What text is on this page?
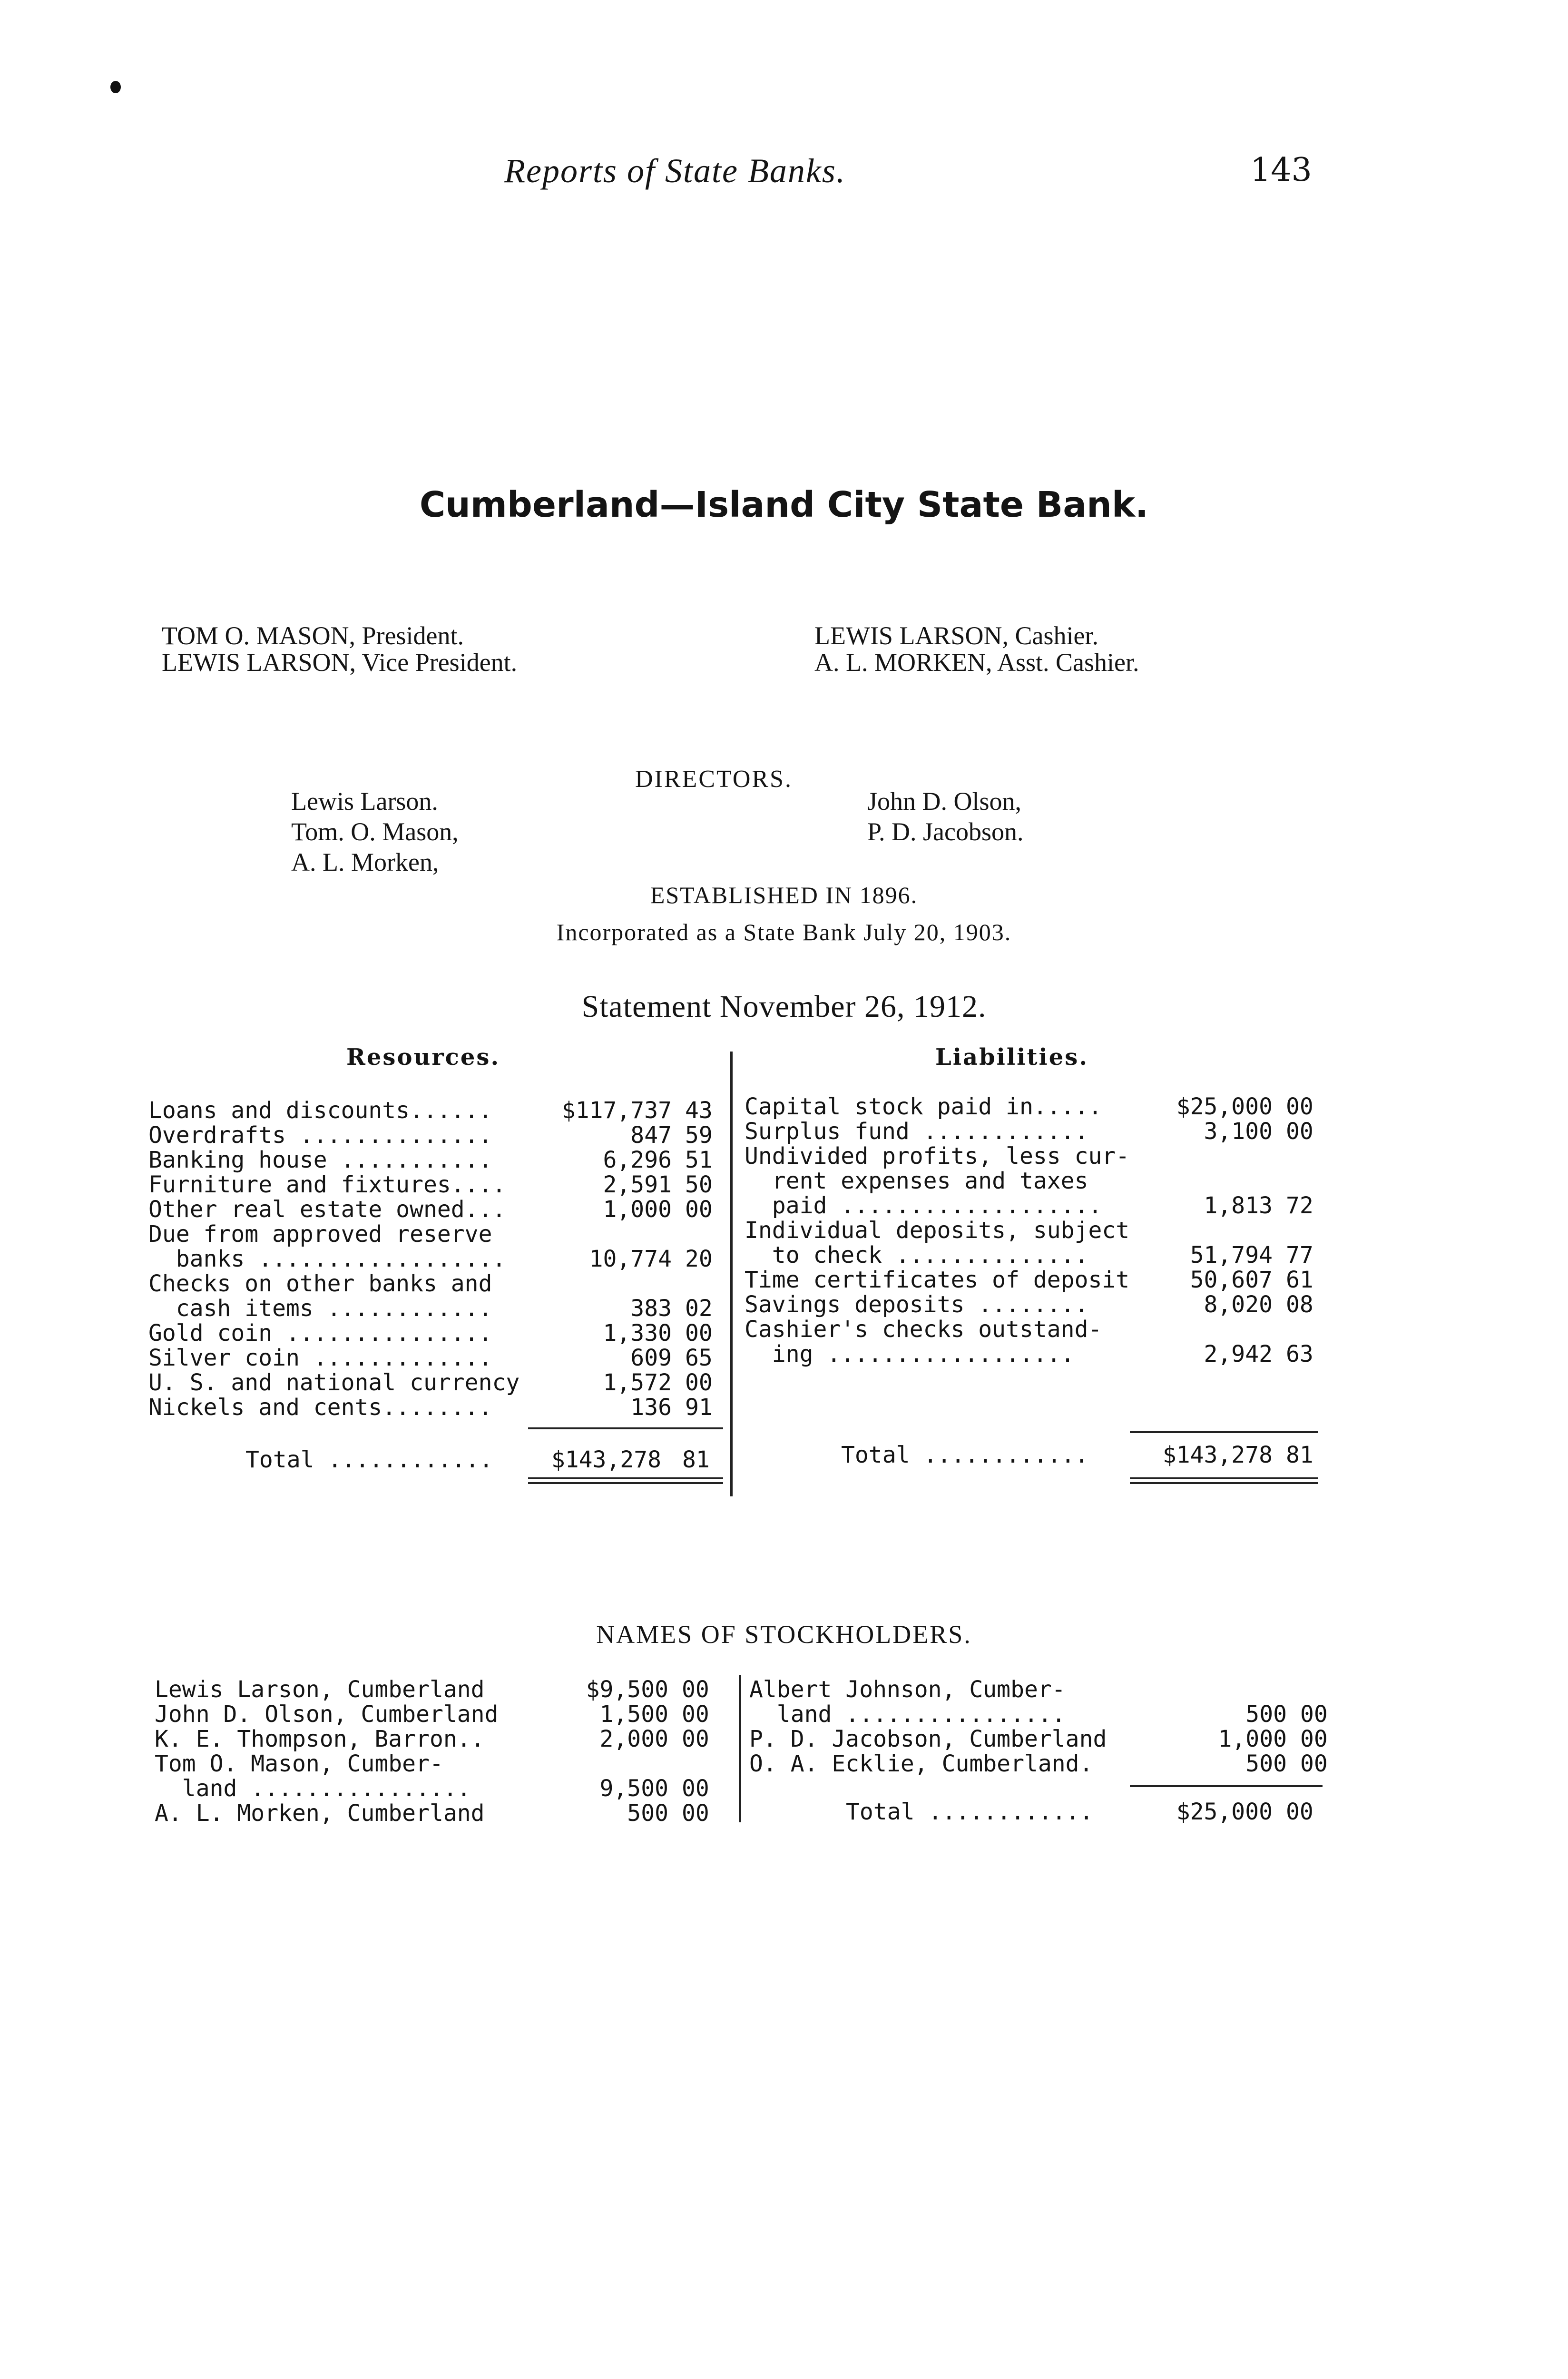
Reports of State Banks.	143
Cumberland—Island City State Bank.
TOM O. MASON, President.
LEWIS LARSON, Vice President.
LEWIS LARSON, Cashier.
A. L. MORKEN, Asst. Cashier.
DIRECTORS.
Lewis Larson.
Tom. O. Mason,
A. L. Morken,
John D. Olson,
P. D. Jacobson.
ESTABLISHED IN 1896.
Incorporated as a State Bank July 20, 1903.
Statement November 26, 1912.
Resources.	Liabilities.
Loans and discounts......	$117,737	43
Overdrafts ..............	847	59
Banking house ...........	6,296	51
Furniture and fixtures....	2,591	50
Other real estate owned...	1,000	00
Due from approved reserve		
banks ..................	10,774	20
Checks on other banks and		
cash items ............	383	02
Gold coin ...............	1,330	00
Silver coin .............	609	65
U. S. and national currency	1,572	00
Nickels and cents........	136	91
Total ............	$143,278 81
Capital stock paid in.....	$25,000	00
Surplus fund ............	3,100	00
Undivided profits, less cur-		
rent expenses and taxes		
paid ...................	1,813	72
Individual deposits, subject		
to check ..............	51,794	77
Time certificates of deposit	50,607	61
Savings deposits ........	8,020	08
Cashier's checks outstand-		
ing ..................	2,942	63
Total ............	$143,278 81
NAMES OF STOCKHOLDERS.
Lewis Larson, Cumberland	$9,500	00
John D. Olson, Cumberland	1,500	00
K. E. Thompson, Barron..	2,000	00
Tom O. Mason, Cumber-		
land ................	9,500	00
A. L. Morken, Cumberland	500	00
Albert Johnson, Cumber-		
land ................	500	00
P. D. Jacobson, Cumberland	1,000	00
O. A. Ecklie, Cumberland.	500	00
Total ............	$25,000 00
